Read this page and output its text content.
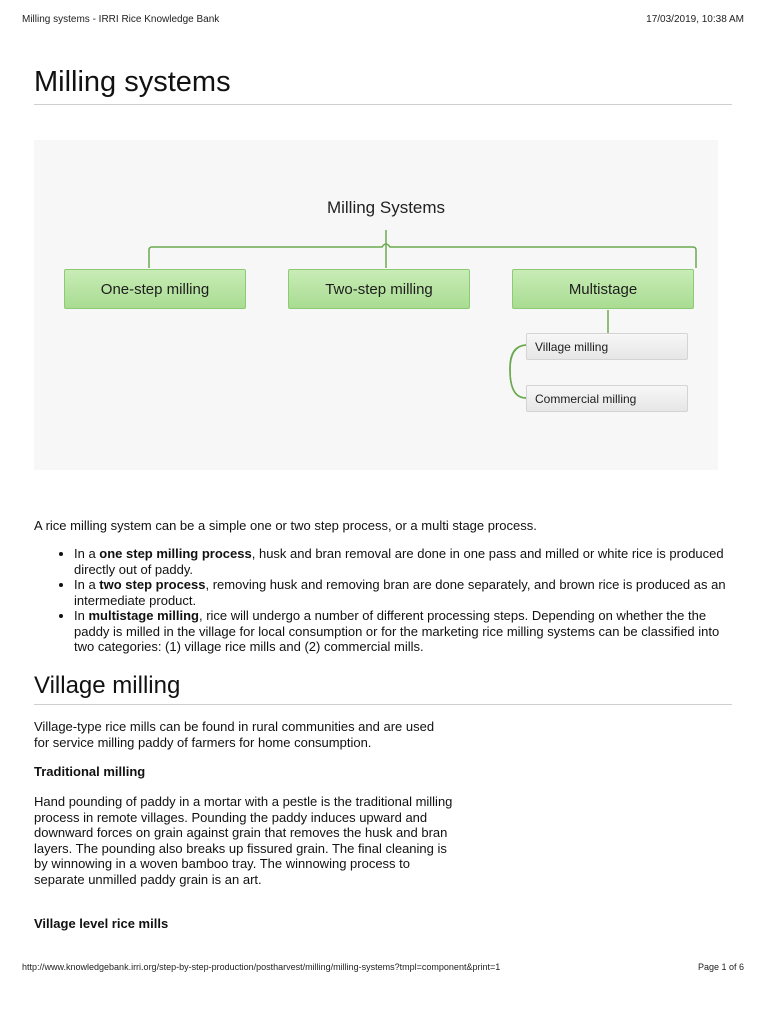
Milling systems - IRRI Rice Knowledge Bank	17/03/2019, 10:38 AM
Milling systems
Milling Systems
One-step milling	Two-step milling	Multistage
Village milling
Commercial milling

A rice milling system can be a simple one or two step process, or a multi stage process.

• In a one step milling process, husk and bran removal are done in one pass and milled or white rice is produced directly out of paddy.
• In a two step process, removing husk and removing bran are done separately, and brown rice is produced as an intermediate product.
• In multistage milling, rice will undergo a number of different processing steps. Depending on whether the the paddy is milled in the village for local consumption or for the marketing rice milling systems can be classified into two categories: (1) village rice mills and (2) commercial mills.
Village milling

Village-type rice mills can be found in rural communities and are used for service milling paddy of farmers for home consumption.

Traditional milling

Hand pounding of paddy in a mortar with a pestle is the traditional milling process in remote villages. Pounding the paddy induces upward and downward forces on grain against grain that removes the husk and bran layers. The pounding also breaks up fissured grain. The final cleaning is by winnowing in a woven bamboo tray. The winnowing process to separate unmilled paddy grain is an art.

Village level rice mills
http://www.knowledgebank.irri.org/step-by-step-production/postharvest/milling/milling-systems?tmpl=component&print=1	Page 1 of 6
